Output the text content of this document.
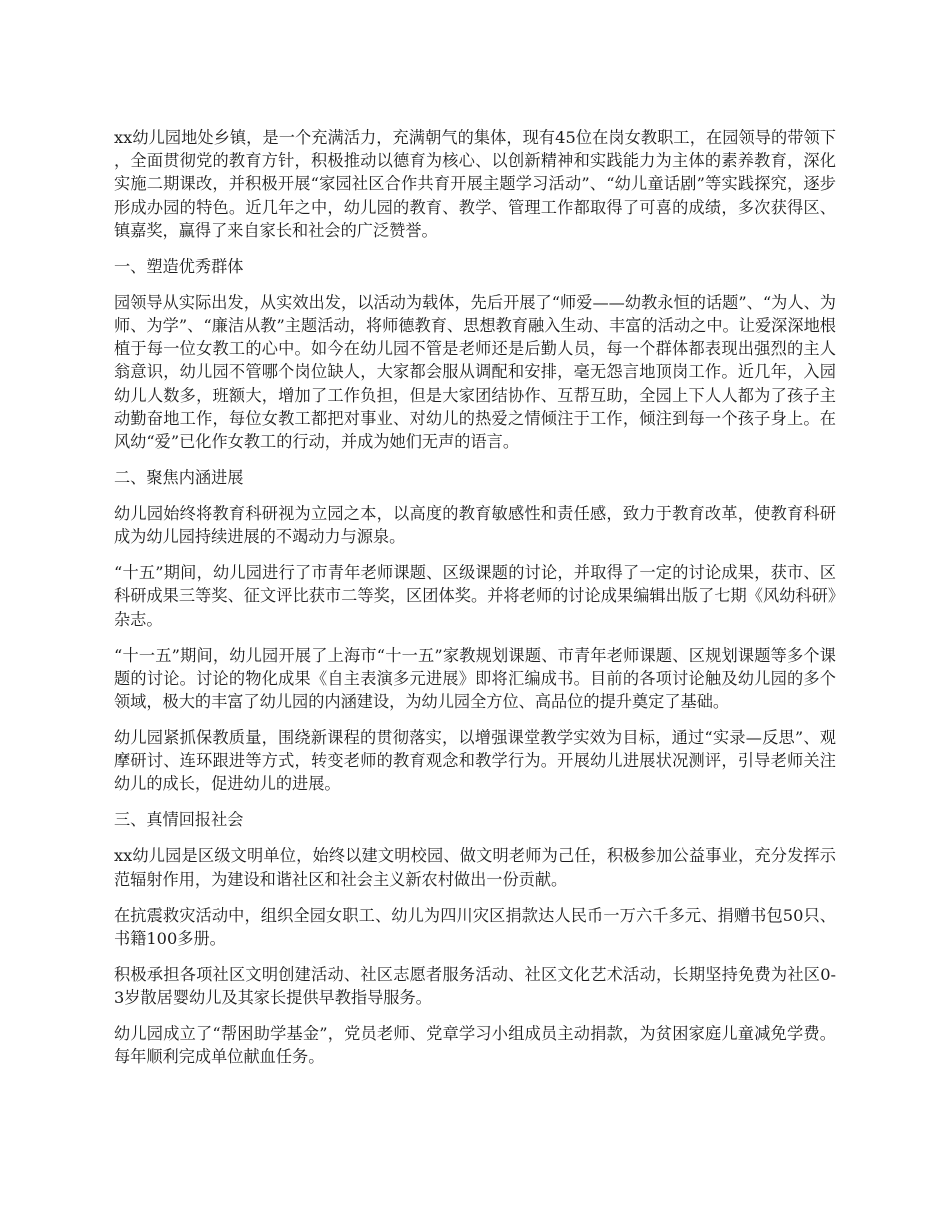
xx幼儿园地处乡镇，是一个充满活力，充满朝气的集体，现有45位在岗女教职工，在园领导的带领下，全面贯彻党的教育方针，积极推动以德育为核心、以创新精神和实践能力为主体的素养教育，深化实施二期课改，并积极开展“家园社区合作共育开展主题学习活动”、“幼儿童话剧”等实践探究，逐步形成办园的特色。近几年之中，幼儿园的教育、教学、管理工作都取得了可喜的成绩，多次获得区、镇嘉奖，赢得了来自家长和社会的广泛赞誉。

一、塑造优秀群体

园领导从实际出发，从实效出发，以活动为载体，先后开展了“师爱——幼教永恒的话题”、“为人、为师、为学”、“廉洁从教”主题活动，将师德教育、思想教育融入生动、丰富的活动之中。让爱深深地根植于每一位女教工的心中。如今在幼儿园不管是老师还是后勤人员，每一个群体都表现出强烈的主人翁意识，幼儿园不管哪个岗位缺人，大家都会服从调配和安排，毫无怨言地顶岗工作。近几年，入园幼儿人数多，班额大，增加了工作负担，但是大家团结协作、互帮互助，全园上下人人都为了孩子主动勤奋地工作，每位女教工都把对事业、对幼儿的热爱之情倾注于工作，倾注到每一个孩子身上。在风幼“爱”已化作女教工的行动，并成为她们无声的语言。

二、聚焦内涵进展

幼儿园始终将教育科研视为立园之本，以高度的教育敏感性和责任感，致力于教育改革，使教育科研成为幼儿园持续进展的不竭动力与源泉。

“十五”期间，幼儿园进行了市青年老师课题、区级课题的讨论，并取得了一定的讨论成果，获市、区科研成果三等奖、征文评比获市二等奖，区团体奖。并将老师的讨论成果编辑出版了七期《风幼科研》杂志。

“十一五”期间，幼儿园开展了上海市“十一五”家教规划课题、市青年老师课题、区规划课题等多个课题的讨论。讨论的物化成果《自主表演多元进展》即将汇编成书。目前的各项讨论触及幼儿园的多个领域，极大的丰富了幼儿园的内涵建设，为幼儿园全方位、高品位的提升奠定了基础。

幼儿园紧抓保教质量，围绕新课程的贯彻落实，以增强课堂教学实效为目标，通过“实录—反思”、观摩研讨、连环跟进等方式，转变老师的教育观念和教学行为。开展幼儿进展状况测评，引导老师关注幼儿的成长，促进幼儿的进展。

三、真情回报社会

xx幼儿园是区级文明单位，始终以建文明校园、做文明老师为己任，积极参加公益事业，充分发挥示范辐射作用，为建设和谐社区和社会主义新农村做出一份贡献。

在抗震救灾活动中，组织全园女职工、幼儿为四川灾区捐款达人民币一万六千多元、捐赠书包50只、书籍100多册。

积极承担各项社区文明创建活动、社区志愿者服务活动、社区文化艺术活动，长期坚持免费为社区0-3岁散居婴幼儿及其家长提供早教指导服务。

幼儿园成立了“帮困助学基金”，党员老师、党章学习小组成员主动捐款，为贫困家庭儿童减免学费。每年顺利完成单位献血任务。
